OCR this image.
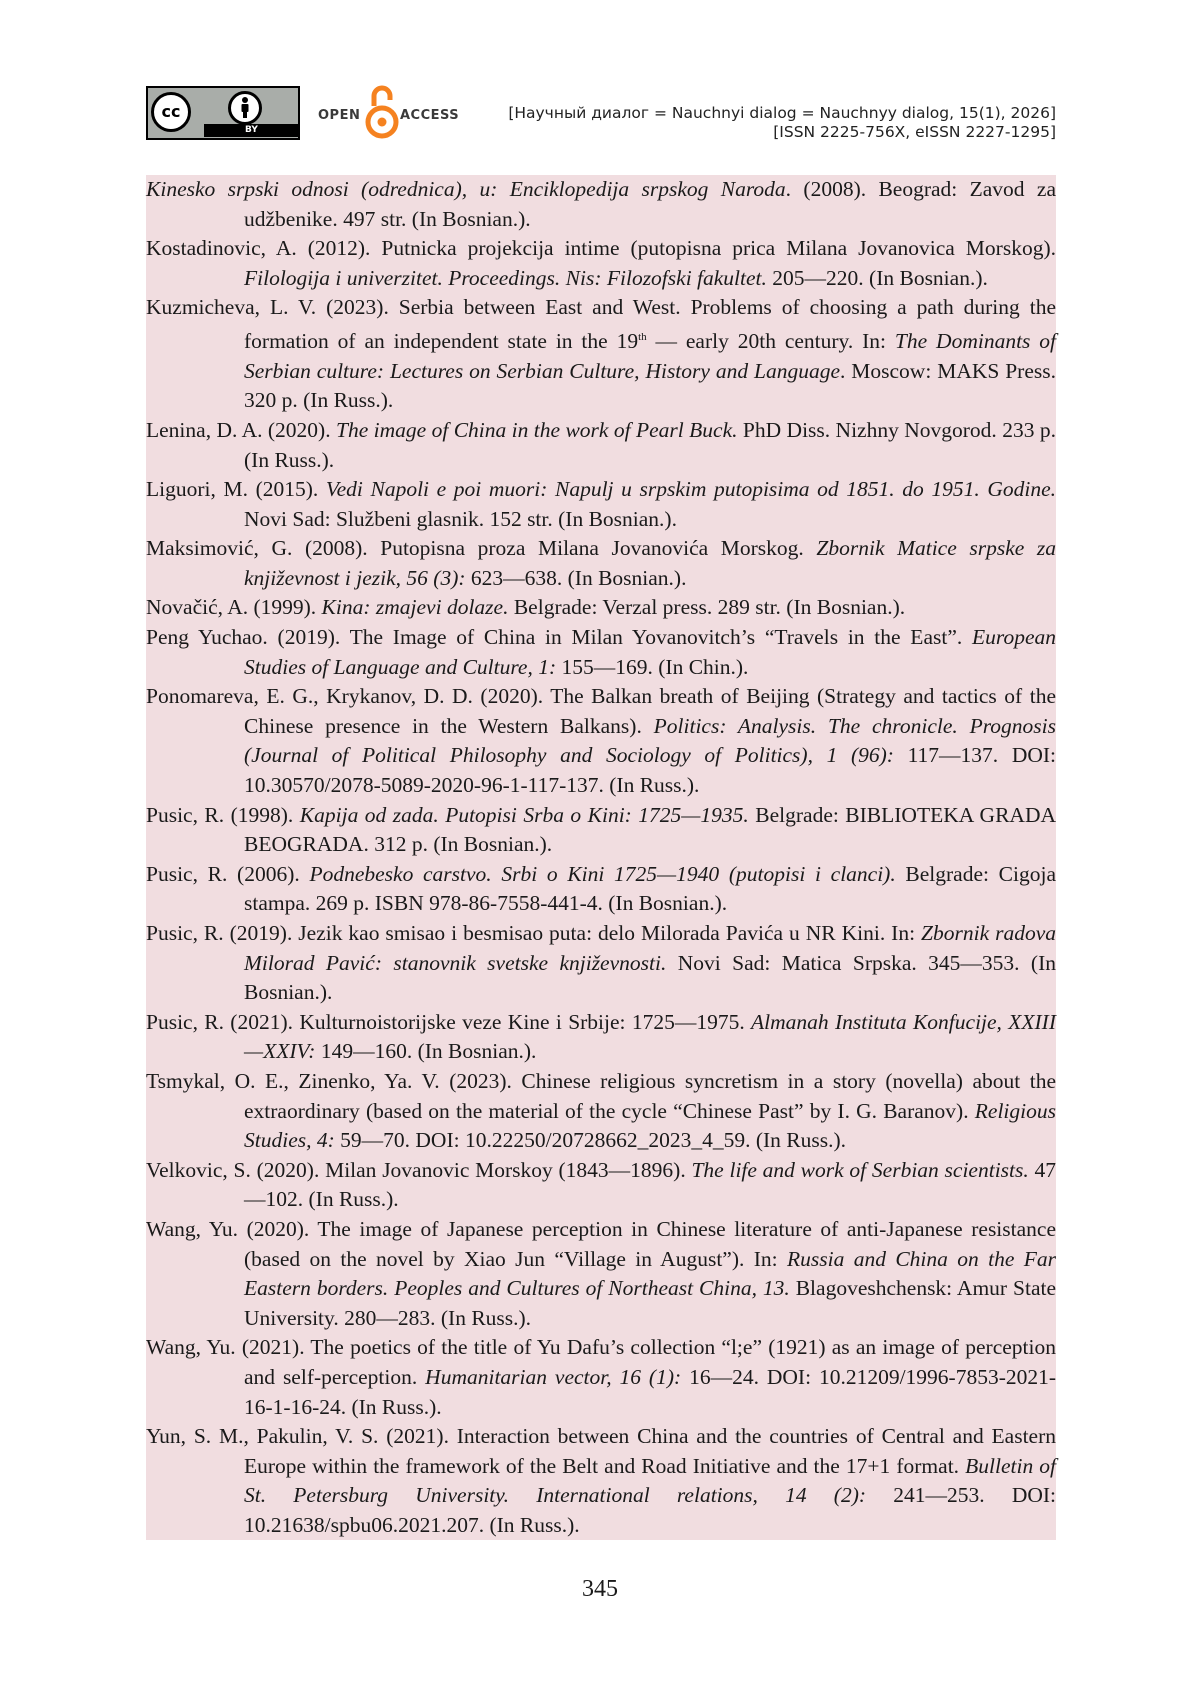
cc
BY
OPEN	ACCESS	[Научный диалог = Nauchnyi dialog = Nauchnyy dialog, 15(1), 2026]
[ISSN 2225-756X, eISSN 2227-1295]

Kinesko srpski odnosi (odrednica), u: Enciklopedija srpskog Naroda. (2008). Beograd: Zavod za udžbenike. 497 str. (In Bosnian.).

Kostadinovic, A. (2012). Putnicka projekcija intime (putopisna prica Milana Jovanovica Morskog). Filologija i univerzitet. Proceedings. Nis: Filozofski fakultet. 205—220. (In Bosnian.).

Kuzmicheva, L. V. (2023). Serbia between East and West. Problems of choosing a path during the formation of an independent state in the 19th — early 20th century. In: The Dominants of Serbian culture: Lectures on Serbian Culture, History and Language. Moscow: MAKS Press. 320 p. (In Russ.).

Lenina, D. A. (2020). The image of China in the work of Pearl Buck. PhD Diss. Nizhny Novgorod. 233 p. (In Russ.).

Liguori, M. (2015). Vedi Napoli e poi muori: Napulj u srpskim putopisima od 1851. do 1951. Godine. Novi Sad: Službeni glasnik. 152 str. (In Bosnian.).

Maksimović, G. (2008). Putopisna proza Milana Jovanovića Morskog. Zbornik Matice srpske za književnost i jezik, 56 (3): 623—638. (In Bosnian.).

Novačić, A. (1999). Kina: zmajevi dolaze. Belgrade: Verzal press. 289 str. (In Bosnian.).

Peng Yuchao. (2019). The Image of China in Milan Yovanovitch’s “Travels in the East”. European Studies of Language and Culture, 1: 155—169. (In Chin.).

Ponomareva, E. G., Krykanov, D. D. (2020). The Balkan breath of Beijing (Strategy and tactics of the Chinese presence in the Western Balkans). Politics: Analysis. The chronicle. Prognosis (Journal of Political Philosophy and Sociology of Politics), 1 (96): 117—137. DOI: 10.30570/2078-5089-2020-96-1-117-137. (In Russ.).

Pusic, R. (1998). Kapija od zada. Putopisi Srba o Kini: 1725—1935. Belgrade: BIBLIOTEKA GRADA BEOGRADA. 312 p. (In Bosnian.).

Pusic, R. (2006). Podnebesko carstvo. Srbi o Kini 1725—1940 (putopisi i clanci). Belgrade: Cigoja stampa. 269 p. ISBN 978-86-7558-441-4. (In Bosnian.).

Pusic, R. (2019). Jezik kao smisao i besmisao puta: delo Milorada Pavića u NR Kini. In: Zbornik radova Milorad Pavić: stanovnik svetske književnosti. Novi Sad: Matica Srpska. 345—353. (In Bosnian.).

Pusic, R. (2021). Kulturnoistorijske veze Kine i Srbije: 1725—1975. Almanah Instituta Konfucije, XXIII—XXIV: 149—160. (In Bosnian.).

Tsmykal, O. E., Zinenko, Ya. V. (2023). Chinese religious syncretism in a story (novella) about the extraordinary (based on the material of the cycle “Chinese Past” by I. G. Baranov). Religious Studies, 4: 59—70. DOI: 10.22250/20728662_2023_4_59. (In Russ.).

Velkovic, S. (2020). Milan Jovanovic Morskoy (1843—1896). The life and work of Serbian scientists. 47—102. (In Russ.).

Wang, Yu. (2020). The image of Japanese perception in Chinese literature of anti-Japanese resistance (based on the novel by Xiao Jun “Village in August”). In: Russia and China on the Far Eastern borders. Peoples and Cultures of Northeast China, 13. Blagoveshchensk: Amur State University. 280—283. (In Russ.).

Wang, Yu. (2021). The poetics of the title of Yu Dafu’s collection “l;e” (1921) as an image of perception and self-perception. Humanitarian vector, 16 (1): 16—24. DOI: 10.21209/1996-7853-2021-16-1-16-24. (In Russ.).

Yun, S. M., Pakulin, V. S. (2021). Interaction between China and the countries of Central and Eastern Europe within the framework of the Belt and Road Initiative and the 17+1 format. Bulletin of St. Petersburg University. International relations, 14 (2): 241—253. DOI: 10.21638/spbu06.2021.207. (In Russ.).

345
